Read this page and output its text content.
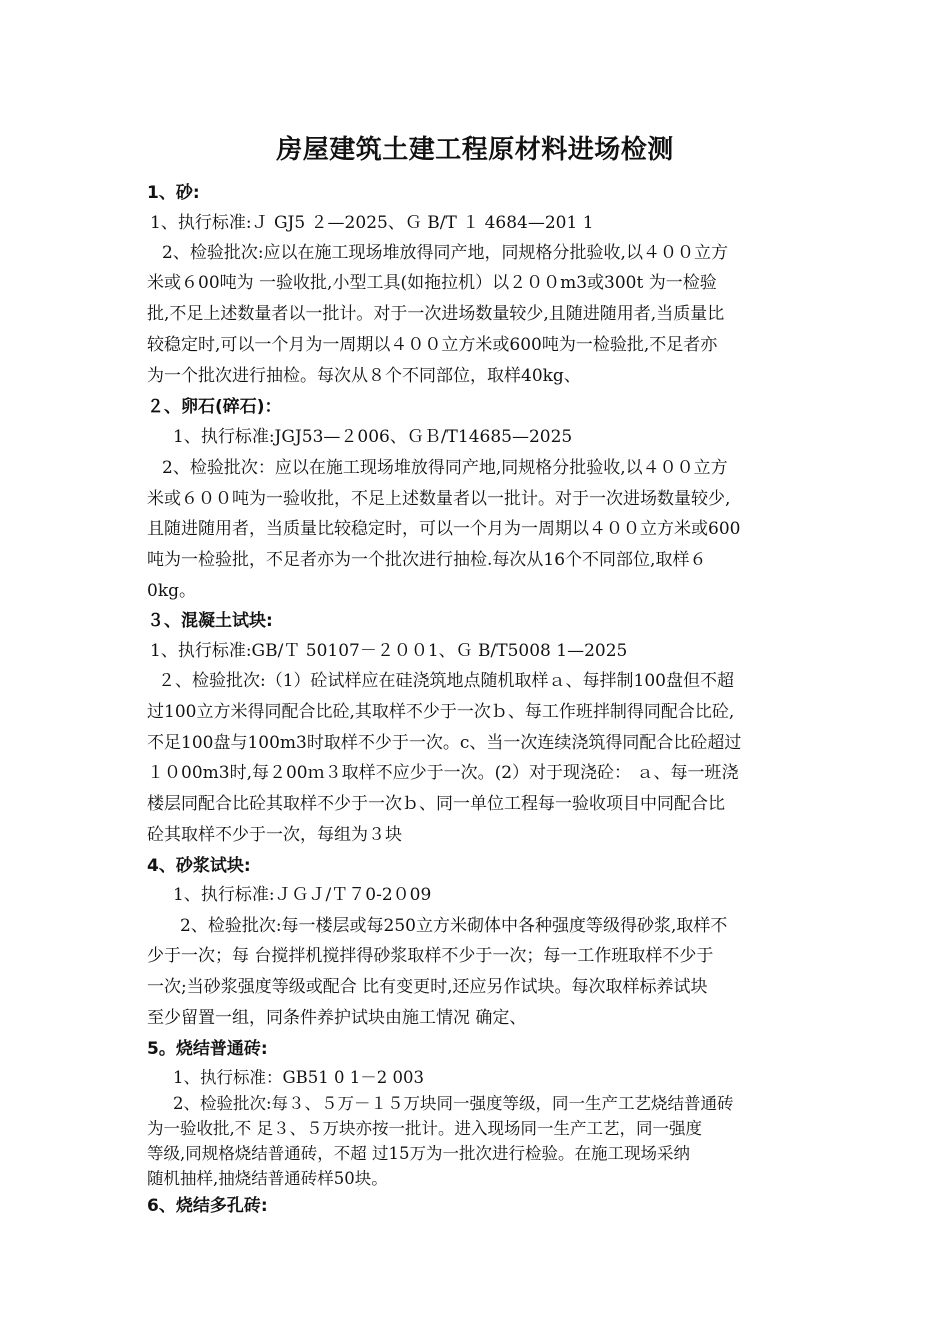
房屋建筑土建工程原材料进场检测
1、砂:
1、执行标准:Ｊ GJ5 ２—2025、Ｇ B/T １ 4684—201 1
2、检验批次:应以在施工现场堆放得同产地，同规格分批验收,以４００立方
米或６00吨为 一验收批,小型工具(如拖拉机）以２００m3或300t 为一检验
批,不足上述数量者以一批计。对于一次进场数量较少,且随进随用者,当质量比
较稳定时,可以一个月为一周期以４００立方米或600吨为一检验批,不足者亦
为一个批次进行抽检。每次从８个不同部位，取样40kg、
２、卵石(碎石)：
1、执行标准:JGJ53—２006、ＧＢ/T14685—2025
2、检验批次：应以在施工现场堆放得同产地,同规格分批验收,以４００立方
米或６００吨为一验收批，不足上述数量者以一批计。对于一次进场数量较少,
且随进随用者，当质量比较稳定时，可以一个月为一周期以４００立方米或600
吨为一检验批，不足者亦为一个批次进行抽检.每次从16个不同部位,取样６
0kg。
３、混凝土试块:
1、执行标准:GB/Ｔ 50107－２００1、Ｇ B/T5008 1—2025
２、检验批次:（1）砼试样应在硅浇筑地点随机取样ａ、每拌制100盘但不超
过100立方米得同配合比砼,其取样不少于一次ｂ、每工作班拌制得同配合比砼,
不足100盘与100m3时取样不少于一次。c、当一次连续浇筑得同配合比砼超过
１０00m3时,每２00ｍ３取样不应少于一次。(2）对于现浇砼： ａ、每一班浇
楼层同配合比砼其取样不少于一次ｂ、同一单位工程每一验收项目中同配合比
砼其取样不少于一次，每组为３块
4、砂浆试块:
1、执行标准:ＪＧＪ/Ｔ７0-2０09
2、检验批次:每一楼层或每250立方米砌体中各种强度等级得砂浆,取样不
少于一次；每 台搅拌机搅拌得砂浆取样不少于一次；每一工作班取样不少于
一次;当砂浆强度等级或配合 比有变更时,还应另作试块。每次取样标养试块
至少留置一组，同条件养护试块由施工情况 确定、
5。烧结普通砖:
1、执行标准：GB51 0 1－2 003
2、检验批次:每３、５万－１５万块同一强度等级，同一生产工艺烧结普通砖
为一验收批,不 足３、５万块亦按一批计。进入现场同一生产工艺，同一强度
等级,同规格烧结普通砖，不超 过15万为一批次进行检验。在施工现场采纳
随机抽样,抽烧结普通砖样50块。
6、烧结多孔砖:
